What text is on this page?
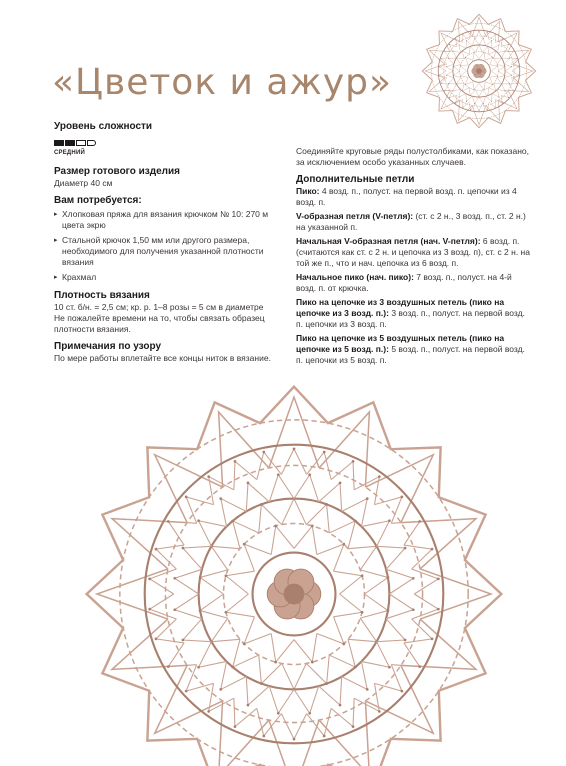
«Цветок и ажур»

Уровень сложности

СРЕДНИЙ

Размер готового изделия

Диаметр 40 см

Вам потребуется:

▸ Хлопковая пряжа для вязания крючком № 10: 270 м цвета экрю
▸ Стальной крючок 1,50 мм или другого размера, необходимого для получения указанной плотности вязания
▸ Крахмал

Плотность вязания

10 ст. б/н. = 2,5 см; кр. р. 1–8 розы = 5 см в диаметре

Не пожалейте времени на то, чтобы связать образец плотности вязания.

Примечания по узору

По мере работы вплетайте все концы ниток в вязание.

Соединяйте круговые ряды полустолбиками, как показано, за исключением особо указанных случаев.

Дополнительные петли

Пико: 4 возд. п., полуст. на первой возд. п. цепочки из 4 возд. п.

V-образная петля (V-петля): (ст. с 2 н., 3 возд. п., ст. 2 н.) на указанной п.

Начальная V-образная петля (нач. V-петля): 6 возд. п. (считаются как ст. с 2 н. и цепочка из 3 возд. п), ст. с 2 н. на той же п., что и нач. цепочка из 6 возд. п.

Начальное пико (нач. пико): 7 возд. п., полуст. на 4-й возд. п. от крючка.

Пико на цепочке из 3 воздушных петель (пико на цепочке из 3 возд. п.): 3 возд. п., полуст. на первой возд. п. цепочки из 3 возд. п.

Пико на цепочке из 5 воздушных петель (пико на цепочке из 5 возд. п.): 5 возд. п., полуст. на первой возд. п. цепочки из 5 возд. п.
